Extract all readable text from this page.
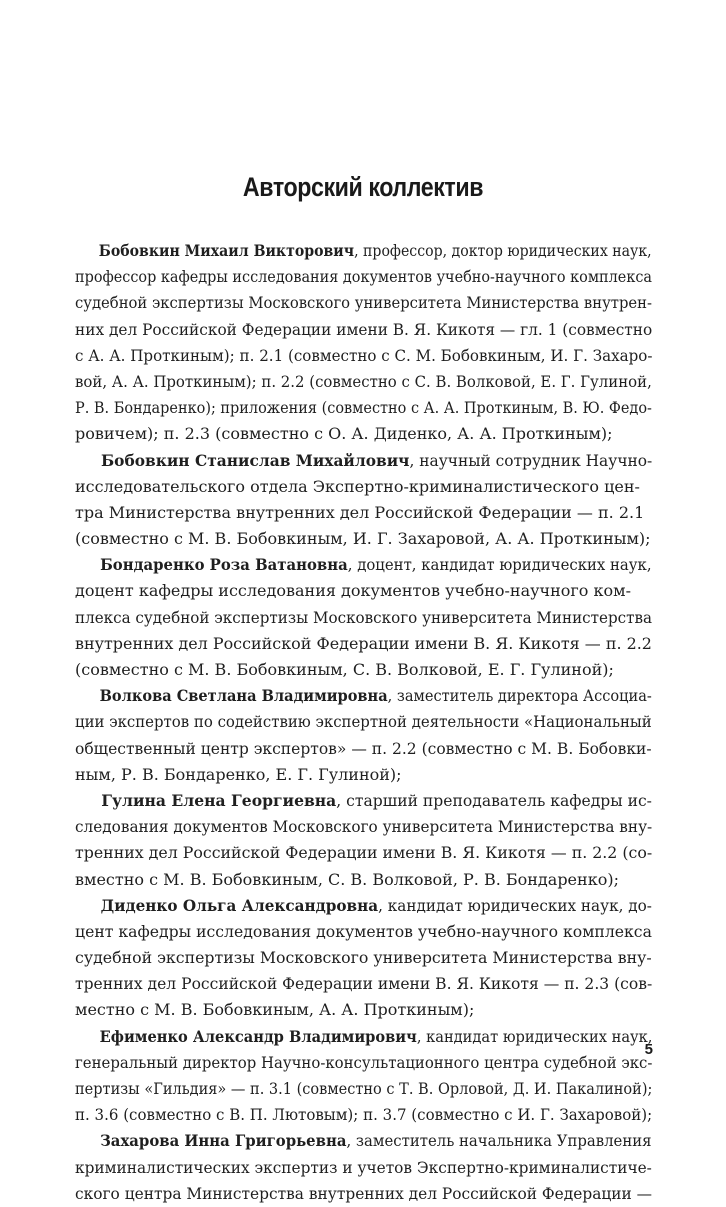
Авторский коллектив
Бобовкин Михаил Викторович, профессор, доктор юридических наук,
профессор кафедры исследования документов учебно-научного комплекса
судебной экспертизы Московского университета Министерства внутрен-
них дел Российской Федерации имени В. Я. Кикотя — гл. 1 (совместно
с А. А. Проткиным); п. 2.1 (совместно с С. М. Бобовкиным, И. Г. Захаро-
вой, А. А. Проткиным); п. 2.2 (совместно с С. В. Волковой, Е. Г. Гулиной,
Р. В. Бондаренко); приложения (совместно с А. А. Проткиным, В. Ю. Федо-
ровичем); п. 2.3 (совместно с О. А. Диденко, А. А. Проткиным);
Бобовкин Станислав Михайлович, научный сотрудник Научно-
исследовательского отдела Экспертно-криминалистического цен-
тра Министерства внутренних дел Российской Федерации — п. 2.1
(совместно с М. В. Бобовкиным, И. Г. Захаровой, А. А. Проткиным);
Бондаренко Роза Ватановна, доцент, кандидат юридических наук,
доцент кафедры исследования документов учебно-научного ком-
плекса судебной экспертизы Московского университета Министерства
внутренних дел Российской Федерации имени В. Я. Кикотя — п. 2.2
(совместно с М. В. Бобовкиным, С. В. Волковой, Е. Г. Гулиной);
Волкова Светлана Владимировна, заместитель директора Ассоциа-
ции экспертов по содействию экспертной деятельности «Национальный
общественный центр экспертов» — п. 2.2 (совместно с М. В. Бобовки-
ным, Р. В. Бондаренко, Е. Г. Гулиной);
Гулина Елена Георгиевна, старший преподаватель кафедры ис-
следования документов Московского университета Министерства вну-
тренних дел Российской Федерации имени В. Я. Кикотя — п. 2.2 (со-
вместно с М. В. Бобовкиным, С. В. Волковой, Р. В. Бондаренко);
Диденко Ольга Александровна, кандидат юридических наук, до-
цент кафедры исследования документов учебно-научного комплекса
судебной экспертизы Московского университета Министерства вну-
тренних дел Российской Федерации имени В. Я. Кикотя — п. 2.3 (сов-
местно с М. В. Бобовкиным, А. А. Проткиным);
Ефименко Александр Владимирович, кандидат юридических наук,
генеральный директор Научно-консультационного центра судебной экс-
пертизы «Гильдия» — п. 3.1 (совместно с Т. В. Орловой, Д. И. Пакалиной);
п. 3.6 (совместно с В. П. Лютовым); п. 3.7 (совместно с И. Г. Захаровой);
Захарова Инна Григорьевна, заместитель начальника Управления
криминалистических экспертиз и учетов Экспертно-криминалистиче-
ского центра Министерства внутренних дел Российской Федерации —
5
